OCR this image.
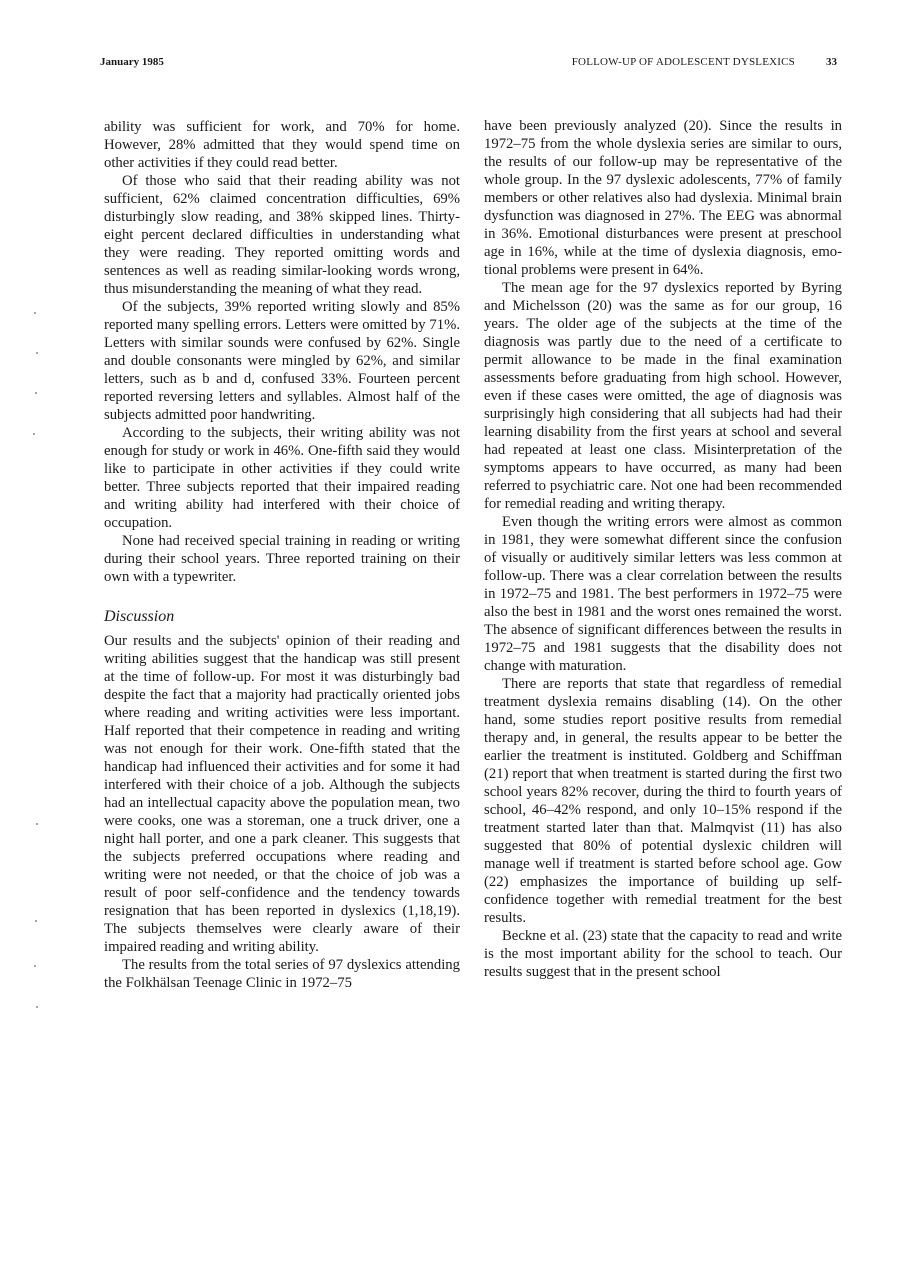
January 1985	FOLLOW-UP OF ADOLESCENT DYSLEXICS	33

ability was sufficient for work, and 70% for home. However, 28% admitted that they would spend time on other activities if they could read better.

Of those who said that their reading ability was not sufficient, 62% claimed concentration difficulties, 69% disturbingly slow reading, and 38% skipped lines. Thirty-eight percent declared difficulties in understanding what they were reading. They reported omitting words and sentences as well as reading similar-looking words wrong, thus misunderstanding the meaning of what they read.

Of the subjects, 39% reported writing slowly and 85% reported many spelling errors. Letters were omitted by 71%. Letters with similar sounds were confused by 62%. Single and double consonants were mingled by 62%, and similar letters, such as b and d, confused 33%. Fourteen percent reported reversing letters and syllables. Almost half of the subjects admitted poor handwriting.

According to the subjects, their writing ability was not enough for study or work in 46%. One-fifth said they would like to participate in other activities if they could write better. Three subjects reported that their impaired reading and writing ability had interfered with their choice of occupation.

None had received special training in reading or writing during their school years. Three reported training on their own with a typewriter.

Discussion

Our results and the subjects' opinion of their reading and writing abilities suggest that the handicap was still present at the time of follow-up. For most it was disturbingly bad despite the fact that a majority had practically oriented jobs where reading and writing activities were less important. Half reported that their competence in reading and writing was not enough for their work. One-fifth stated that the handicap had influenced their activities and for some it had interfered with their choice of a job. Although the subjects had an intellectual capacity above the population mean, two were cooks, one was a storeman, one a truck driver, one a night hall porter, and one a park cleaner. This suggests that the subjects preferred occupations where reading and writing were not needed, or that the choice of job was a result of poor self-confidence and the tendency towards resignation that has been reported in dyslexics (1,18,19). The subjects themselves were clearly aware of their impaired reading and writing ability.

The results from the total series of 97 dyslexics attending the Folkhälsan Teenage Clinic in 1972–75

have been previously analyzed (20). Since the results in 1972–75 from the whole dyslexia series are similar to ours, the results of our follow-up may be representative of the whole group. In the 97 dyslexic adolescents, 77% of family members or other relatives also had dyslexia. Minimal brain dysfunction was diagnosed in 27%. The EEG was abnormal in 36%. Emotional disturbances were present at preschool age in 16%, while at the time of dyslexia diagnosis, emotional problems were present in 64%.

The mean age for the 97 dyslexics reported by Byring and Michelsson (20) was the same as for our group, 16 years. The older age of the subjects at the time of the diagnosis was partly due to the need of a certificate to permit allowance to be made in the final examination assessments before graduating from high school. However, even if these cases were omitted, the age of diagnosis was surprisingly high considering that all subjects had had their learning disability from the first years at school and several had repeated at least one class. Misinterpretation of the symptoms appears to have occurred, as many had been referred to psychiatric care. Not one had been recommended for remedial reading and writing therapy.

Even though the writing errors were almost as common in 1981, they were somewhat different since the confusion of visually or auditively similar letters was less common at follow-up. There was a clear correlation between the results in 1972–75 and 1981. The best performers in 1972–75 were also the best in 1981 and the worst ones remained the worst. The absence of significant differences between the results in 1972–75 and 1981 suggests that the disability does not change with maturation.

There are reports that state that regardless of remedial treatment dyslexia remains disabling (14). On the other hand, some studies report positive results from remedial therapy and, in general, the results appear to be better the earlier the treatment is instituted. Goldberg and Schiffman (21) report that when treatment is started during the first two school years 82% recover, during the third to fourth years of school, 46–42% respond, and only 10–15% respond if the treatment started later than that. Malmqvist (11) has also suggested that 80% of potential dyslexic children will manage well if treatment is started before school age. Gow (22) emphasizes the importance of building up self-confidence together with remedial treatment for the best results.

Beckne et al. (23) state that the capacity to read and write is the most important ability for the school to teach. Our results suggest that in the present school
